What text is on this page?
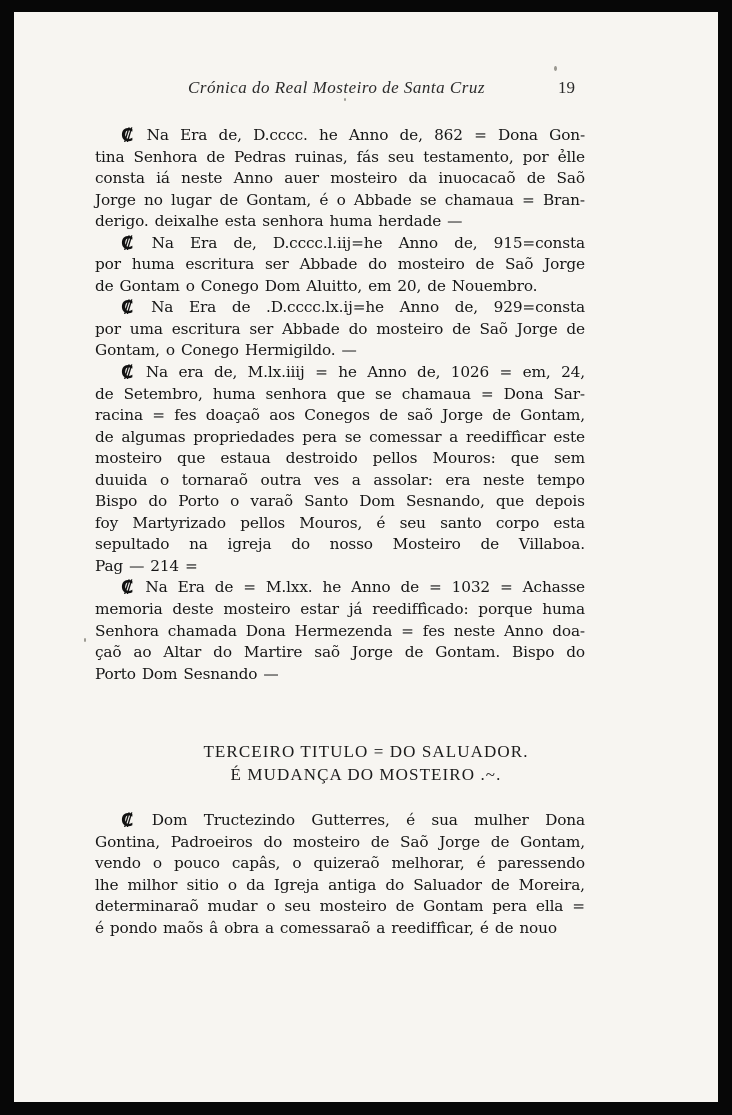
Crónica do Real Mosteiro de Santa Cruz	19
₡ Na Era de, D.cccc. he Anno de, 862 = Dona Gon-
tina Senhora de Pedras ruinas, fás seu testamento, por ẻlle
consta iá neste Anno auer mosteiro da inuocacaõ de Saõ
Jorge no lugar de Gontam, é o Abbade se chamaua = Bran-
derigo. deixalhe esta senhora huma herdade —
₡ Na Era de, D.cccc.l.iij=he Anno de, 915=consta
por huma escritura ser Abbade do mosteiro de Saõ Jorge
de Gontam o Conego Dom Aluitto, em 20, de Nouembro.
₡ Na Era de .D.cccc.lx.ij=he Anno de, 929=consta
por uma escritura ser Abbade do mosteiro de Saõ Jorge de
Gontam, o Conego Hermigildo. —
₡ Na era de, M.lx.iiij = he Anno de, 1026 = em, 24,
de Setembro, huma senhora que se chamaua = Dona Sar-
racina = fes doaçaõ aos Conegos de saõ Jorge de Gontam,
de algumas propriedades pera se comessar a reediffìcar este
mosteiro que estaua destroido pellos Mouros: que sem
duuida o tornaraõ outra ves a assolar: era neste tempo
Bispo do Porto o varaõ Santo Dom Sesnando, que depois
foy Martyrizado pellos Mouros, é seu santo corpo esta
sepultado na igreja do nosso Mosteiro de Villaboa.
Pag — 214 =
₡ Na Era de = M.lxx. he Anno de = 1032 = Achasse
memoria deste mosteiro estar já reediffìcado: porque huma
Senhora chamada Dona Hermezenda = fes neste Anno doa-
çaõ ao Altar do Martire saõ Jorge de Gontam. Bispo do
Porto Dom Sesnando —
TERCEIRO TITULO = DO SALUADOR.
É MUDANÇA DO MOSTEIRO .~.
₡ Dom Tructezindo Gutterres, é sua mulher Dona
Gontina, Padroeiros do mosteiro de Saõ Jorge de Gontam,
vendo o pouco capâs, o quizeraõ melhorar, é paressendo
lhe milhor sitio o da Igreja antiga do Saluador de Moreira,
determinaraõ mudar o seu mosteiro de Gontam pera ella =
é pondo maõs â obra a comessaraõ a reediffìcar, é de nouo
